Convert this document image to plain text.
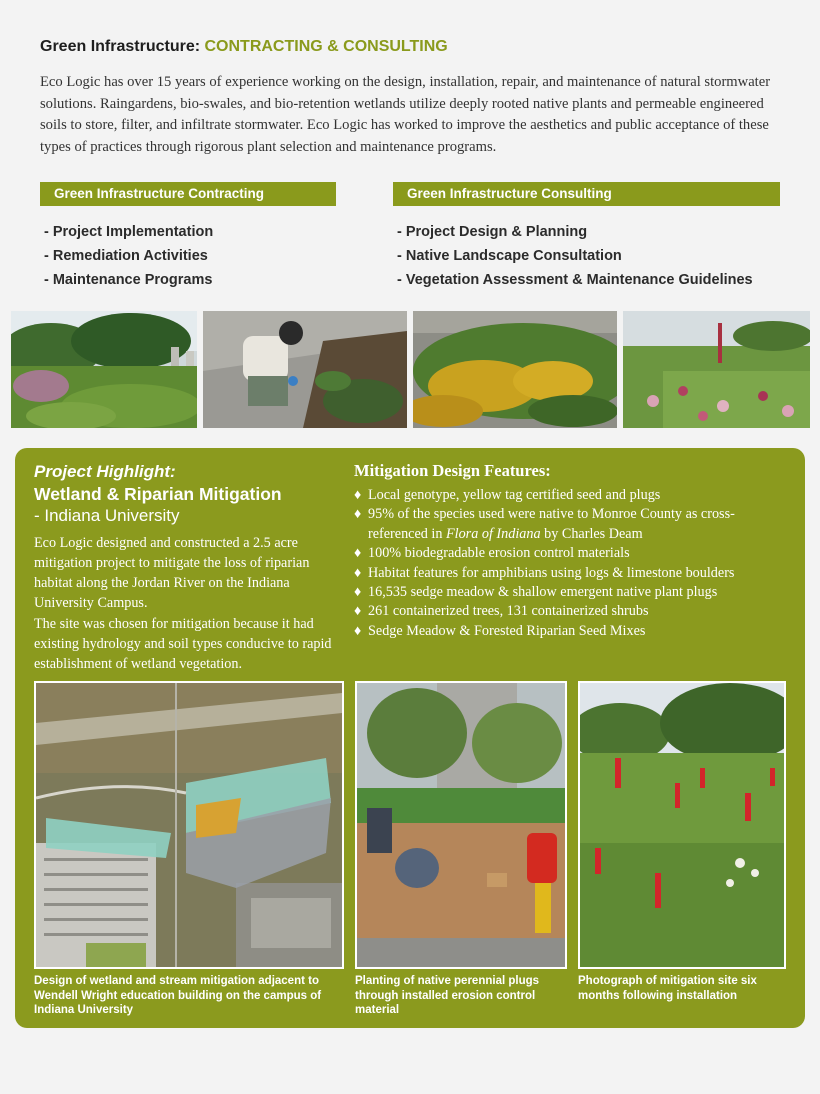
Green Infrastructure: CONTRACTING & CONSULTING

Eco Logic has over 15 years of experience working on the design, installation, repair, and maintenance of natural stormwater solutions. Raingardens, bio-swales, and bio-retention wetlands utilize deeply rooted native plants and permeable engineered soils to store, filter, and infiltrate stormwater. Eco Logic has worked to improve the aesthetics and public acceptance of these types of practices through rigorous plant selection and maintenance programs.

Green Infrastructure Contracting
- Project Implementation
- Remediation Activities
- Maintenance Programs
Green Infrastructure Consulting
- Project Design & Planning
- Native Landscape Consultation
- Vegetation Assessment & Maintenance Guidelines
Project Highlight:
Wetland & Riparian Mitigation
- Indiana University

Eco Logic designed and constructed a 2.5 acre mitigation project to mitigate the loss of riparian habitat along the Jordan River on the Indiana University Campus.

The site was chosen for mitigation because it had existing hydrology and soil types conducive to rapid establishment of wetland vegetation.

Mitigation Design Features:
♦ Local genotype, yellow tag certified seed and plugs
♦ 95% of the species used were native to Monroe County as cross-referenced in Flora of Indiana by Charles Deam
♦ 100% biodegradable erosion control materials
♦ Habitat features for amphibians using logs & limestone boulders
♦ 16,535 sedge meadow & shallow emergent native plant plugs
♦ 261 containerized trees, 131 containerized shrubs
♦ Sedge Meadow & Forested Riparian Seed Mixes

Design of wetland and stream mitigation adjacent to Wendell Wright education building on the campus of Indiana University

Planting of native perennial plugs through installed erosion control material

Photograph of mitigation site six months following installation
